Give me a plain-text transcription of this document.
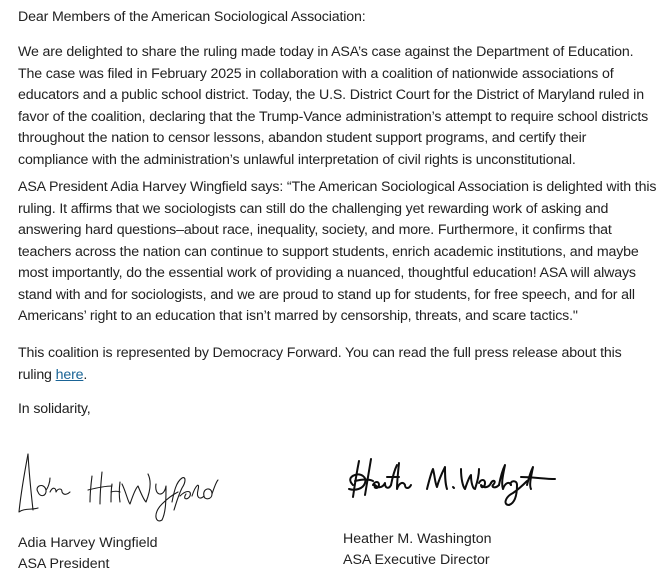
Dear Members of the American Sociological Association:

We are delighted to share the ruling made today in ASA’s case against the Department of Education. The case was filed in February 2025 in collaboration with a coalition of nationwide associations of educators and a public school district. Today, the U.S. District Court for the District of Maryland ruled in favor of the coalition, declaring that the Trump-Vance administration’s attempt to require school districts throughout the nation to censor lessons, abandon student support programs, and certify their compliance with the administration’s unlawful interpretation of civil rights is unconstitutional.

ASA President Adia Harvey Wingfield says: “The American Sociological Association is delighted with this ruling. It affirms that we sociologists can still do the challenging yet rewarding work of asking and answering hard questions–about race, inequality, society, and more. Furthermore, it confirms that teachers across the nation can continue to support students, enrich academic institutions, and maybe most importantly, do the essential work of providing a nuanced, thoughtful education! ASA will always stand with and for sociologists, and we are proud to stand up for students, for free speech, and for all Americans’ right to an education that isn’t marred by censorship, threats, and scare tactics."

This coalition is represented by Democracy Forward. You can read the full press release about this ruling here.

In solidarity,

Adia Harvey Wingfield
ASA President
Heather M. Washington
ASA Executive Director
